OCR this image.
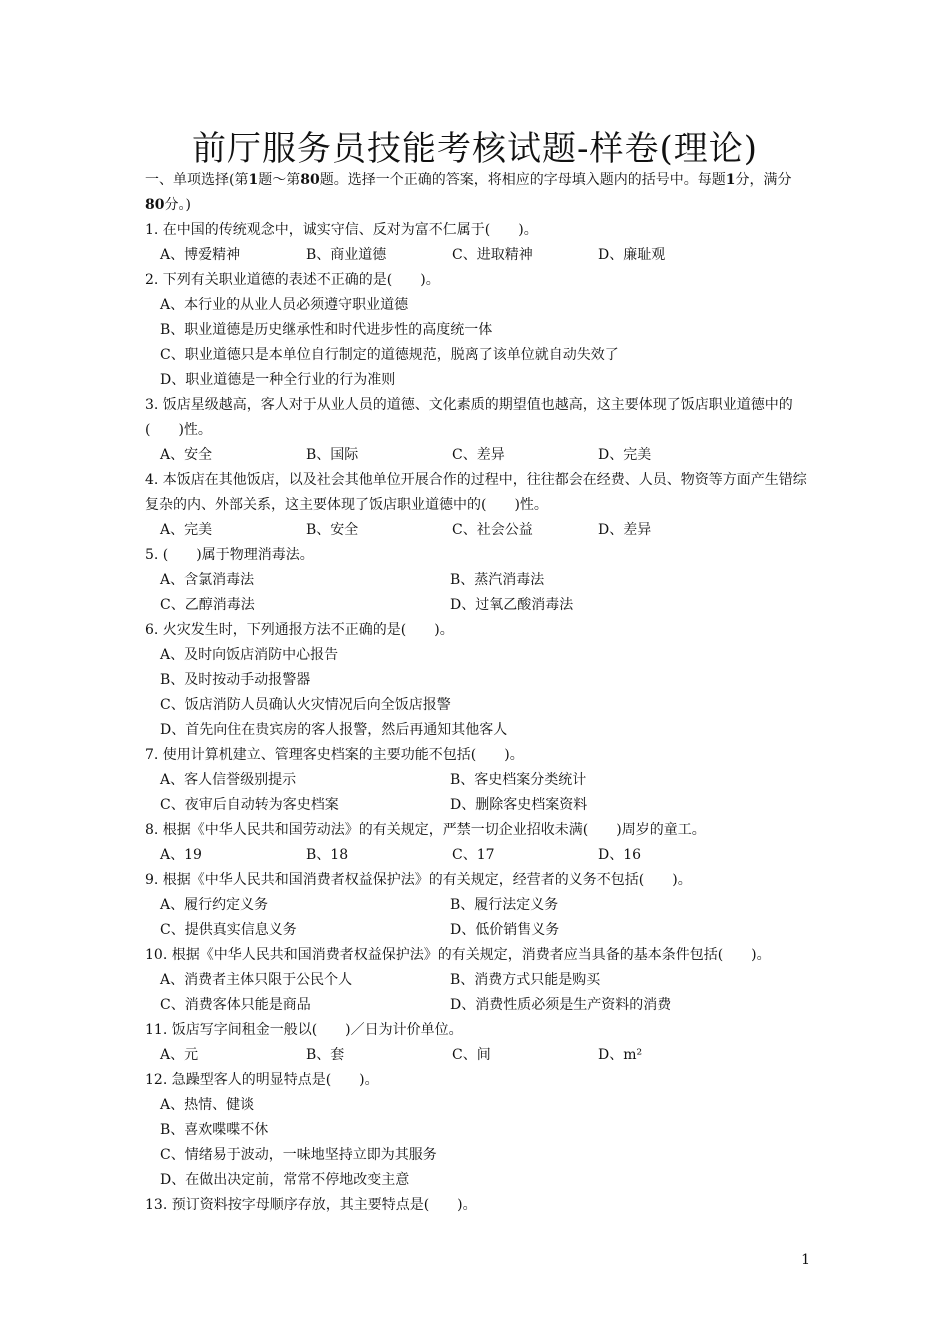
前厅服务员技能考核试题-样卷(理论)
一、单项选择(第1题～第80题。选择一个正确的答案，将相应的字母填入题内的括号中。每题1分，满分80分。)
1. 在中国的传统观念中，诚实守信、反对为富不仁属于(　　)。
A、博爱精神	B、商业道德	C、进取精神	D、廉耻观
2. 下列有关职业道德的表述不正确的是(　　)。
A、本行业的从业人员必须遵守职业道德
B、职业道德是历史继承性和时代进步性的高度统一体
C、职业道德只是本单位自行制定的道德规范，脱离了该单位就自动失效了
D、职业道德是一种全行业的行为准则
3. 饭店星级越高，客人对于从业人员的道德、文化素质的期望值也越高，这主要体现了饭店职业道德中的(　　)性。
A、安全	B、国际	C、差异	D、完美
4. 本饭店在其他饭店，以及社会其他单位开展合作的过程中，往往都会在经费、人员、物资等方面产生错综复杂的内、外部关系，这主要体现了饭店职业道德中的(　　)性。
A、完美	B、安全	C、社会公益	D、差异
5. (　　)属于物理消毒法。
A、含氯消毒法	B、蒸汽消毒法
C、乙醇消毒法	D、过氧乙酸消毒法
6. 火灾发生时，下列通报方法不正确的是(　　)。
A、及时向饭店消防中心报告
B、及时按动手动报警器
C、饭店消防人员确认火灾情况后向全饭店报警
D、首先向住在贵宾房的客人报警，然后再通知其他客人
7. 使用计算机建立、管理客史档案的主要功能不包括(　　)。
A、客人信誉级别提示	B、客史档案分类统计
C、夜审后自动转为客史档案	D、删除客史档案资料
8. 根据《中华人民共和国劳动法》的有关规定，严禁一切企业招收未满(　　)周岁的童工。
A、19	B、18	C、17	D、16
9. 根据《中华人民共和国消费者权益保护法》的有关规定，经营者的义务不包括(　　)。
A、履行约定义务	B、履行法定义务
C、提供真实信息义务	D、低价销售义务
10. 根据《中华人民共和国消费者权益保护法》的有关规定，消费者应当具备的基本条件包括(　　)。
A、消费者主体只限于公民个人	B、消费方式只能是购买
C、消费客体只能是商品	D、消费性质必须是生产资料的消费
11. 饭店写字间租金一般以(　　)／日为计价单位。
A、元	B、套	C、间	D、m²
12. 急躁型客人的明显特点是(　　)。
A、热情、健谈
B、喜欢喋喋不休
C、情绪易于波动，一味地坚持立即为其服务
D、在做出决定前，常常不停地改变主意
13. 预订资料按字母顺序存放，其主要特点是(　　)。
1
